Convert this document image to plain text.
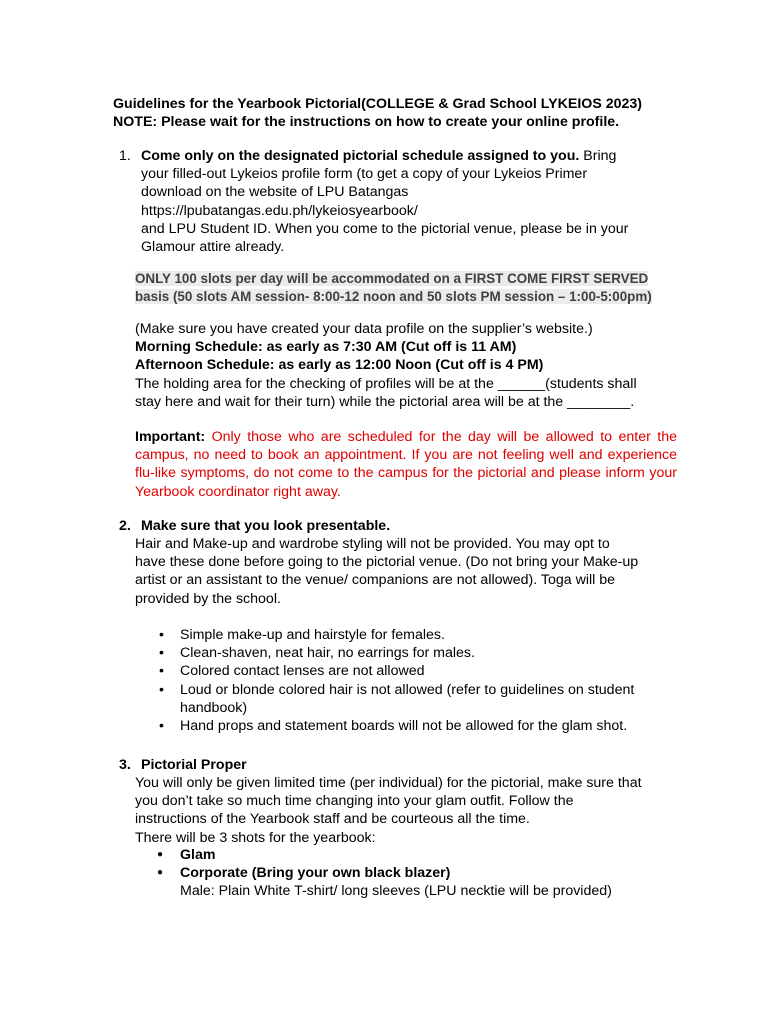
Guidelines for the Yearbook Pictorial(COLLEGE & Grad School LYKEIOS 2023)
NOTE: Please wait for the instructions on how to create your online profile.
1. Come only on the designated pictorial schedule assigned to you. Bring
your filled-out Lykeios profile form (to get a copy of your Lykeios Primer
download on the website of LPU Batangas
https://lpubatangas.edu.ph/lykeiosyearbook/
and LPU Student ID. When you come to the pictorial venue, please be in your
Glamour attire already.
ONLY 100 slots per day will be accommodated on a FIRST COME FIRST SERVED
basis (50 slots AM session- 8:00-12 noon and 50 slots PM session – 1:00-5:00pm)
(Make sure you have created your data profile on the supplier’s website.)
Morning Schedule: as early as 7:30 AM (Cut off is 11 AM)
Afternoon Schedule: as early as 12:00 Noon (Cut off is 4 PM)
The holding area for the checking of profiles will be at the ______(students shall
stay here and wait for their turn) while the pictorial area will be at the ________.
Important: Only those who are scheduled for the day will be allowed to enter the campus, no need to book an appointment. If you are not feeling well and experience flu-like symptoms, do not come to the campus for the pictorial and please inform your Yearbook coordinator right away.
2. Make sure that you look presentable.
Hair and Make-up and wardrobe styling will not be provided. You may opt to
have these done before going to the pictorial venue. (Do not bring your Make-up
artist or an assistant to the venue/ companions are not allowed). Toga will be
provided by the school.
• Simple make-up and hairstyle for females.
• Clean-shaven, neat hair, no earrings for males.
• Colored contact lenses are not allowed
• Loud or blonde colored hair is not allowed (refer to guidelines on student
handbook)
• Hand props and statement boards will not be allowed for the glam shot.
3. Pictorial Proper
You will only be given limited time (per individual) for the pictorial, make sure that
you don’t take so much time changing into your glam outfit. Follow the
instructions of the Yearbook staff and be courteous all the time.
There will be 3 shots for the yearbook:
● Glam
● Corporate (Bring your own black blazer)
Male: Plain White T-shirt/ long sleeves (LPU necktie will be provided)
